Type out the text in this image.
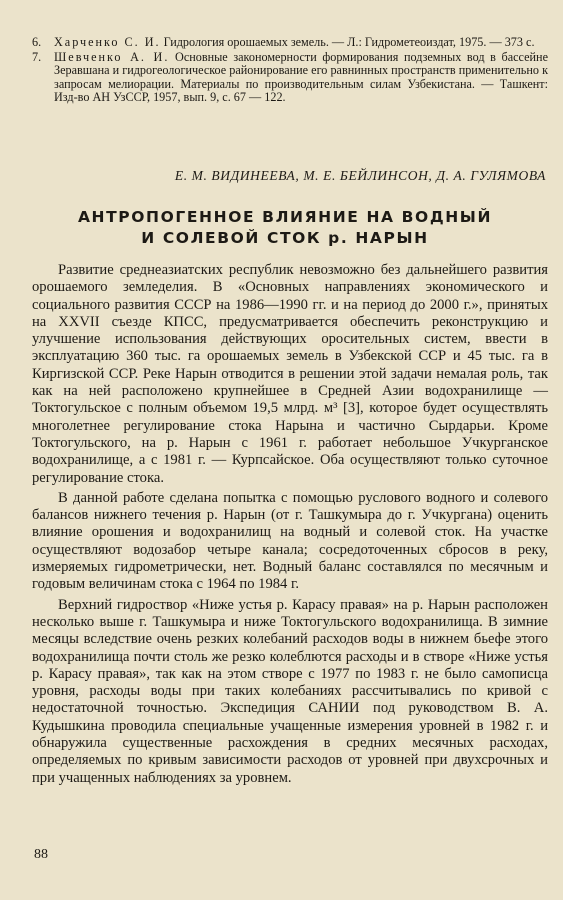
6. Харченко С. И. Гидрология орошаемых земель. — Л.: Гидрометеоиздат, 1975. — 373 с.
7. Шевченко А. И. Основные закономерности формирования подземных вод в бассейне Зеравшана и гидрогеологическое районирование его равнинных пространств применительно к запросам мелиорации. Материалы по производительным силам Узбекистана. — Ташкент: Изд-во АН УзССР, 1957, вып. 9, с. 67 — 122.
Е. М. ВИДИНЕЕВА, М. Е. БЕЙЛИНСОН, Д. А. ГУЛЯМОВА
АНТРОПОГЕННОЕ ВЛИЯНИЕ НА ВОДНЫЙ
И СОЛЕВОЙ СТОК р. НАРЫН

Развитие среднеазиатских республик невозможно без дальнейшего развития орошаемого земледелия. В «Основных направлениях экономического и социального развития СССР на 1986—1990 гг. и на период до 2000 г.», принятых на XXVII съезде КПСС, предусматривается обеспечить реконструкцию и улучшение использования действующих оросительных систем, ввести в эксплуатацию 360 тыс. га орошаемых земель в Узбекской ССР и 45 тыс. га в Киргизской ССР. Реке Нарын отводится в решении этой задачи немалая роль, так как на ней расположено крупнейшее в Средней Азии водохранилище — Токтогульское с полным объемом 19,5 млрд. м³ [3], которое будет осуществлять многолетнее регулирование стока Нарына и частично Сырдарьи. Кроме Токтогульского, на р. Нарын с 1961 г. работает небольшое Учкурганское водохранилище, а с 1981 г. — Курпсайское. Оба осуществляют только суточное регулирование стока.

В данной работе сделана попытка с помощью руслового водного и солевого балансов нижнего течения р. Нарын (от г. Ташкумыра до г. Учкургана) оценить влияние орошения и водохранилищ на водный и солевой сток. На участке осуществляют водозабор четыре канала; сосредоточенных сбросов в реку, измеряемых гидрометрически, нет. Водный баланс составлялся по месячным и годовым величинам стока с 1964 по 1984 г.

Верхний гидроствор «Ниже устья р. Карасу правая» на р. Нарын расположен несколько выше г. Ташкумыра и ниже Токтогульского водохранилища. В зимние месяцы вследствие очень резких колебаний расходов воды в нижнем бьефе этого водохранилища почти столь же резко колеблются расходы и в створе «Ниже устья р. Карасу правая», так как на этом створе с 1977 по 1983 г. не было самописца уровня, расходы воды при таких колебаниях рассчитывались по кривой с недостаточной точностью. Экспедиция САНИИ под руководством В. А. Кудышкина проводила специальные учащенные измерения уровней в 1982 г. и обнаружила существенные расхождения в средних месячных расходах, определяемых по кривым зависимости расходов от уровней при двухсрочных и при учащенных наблюдениях за уровнем.

88
